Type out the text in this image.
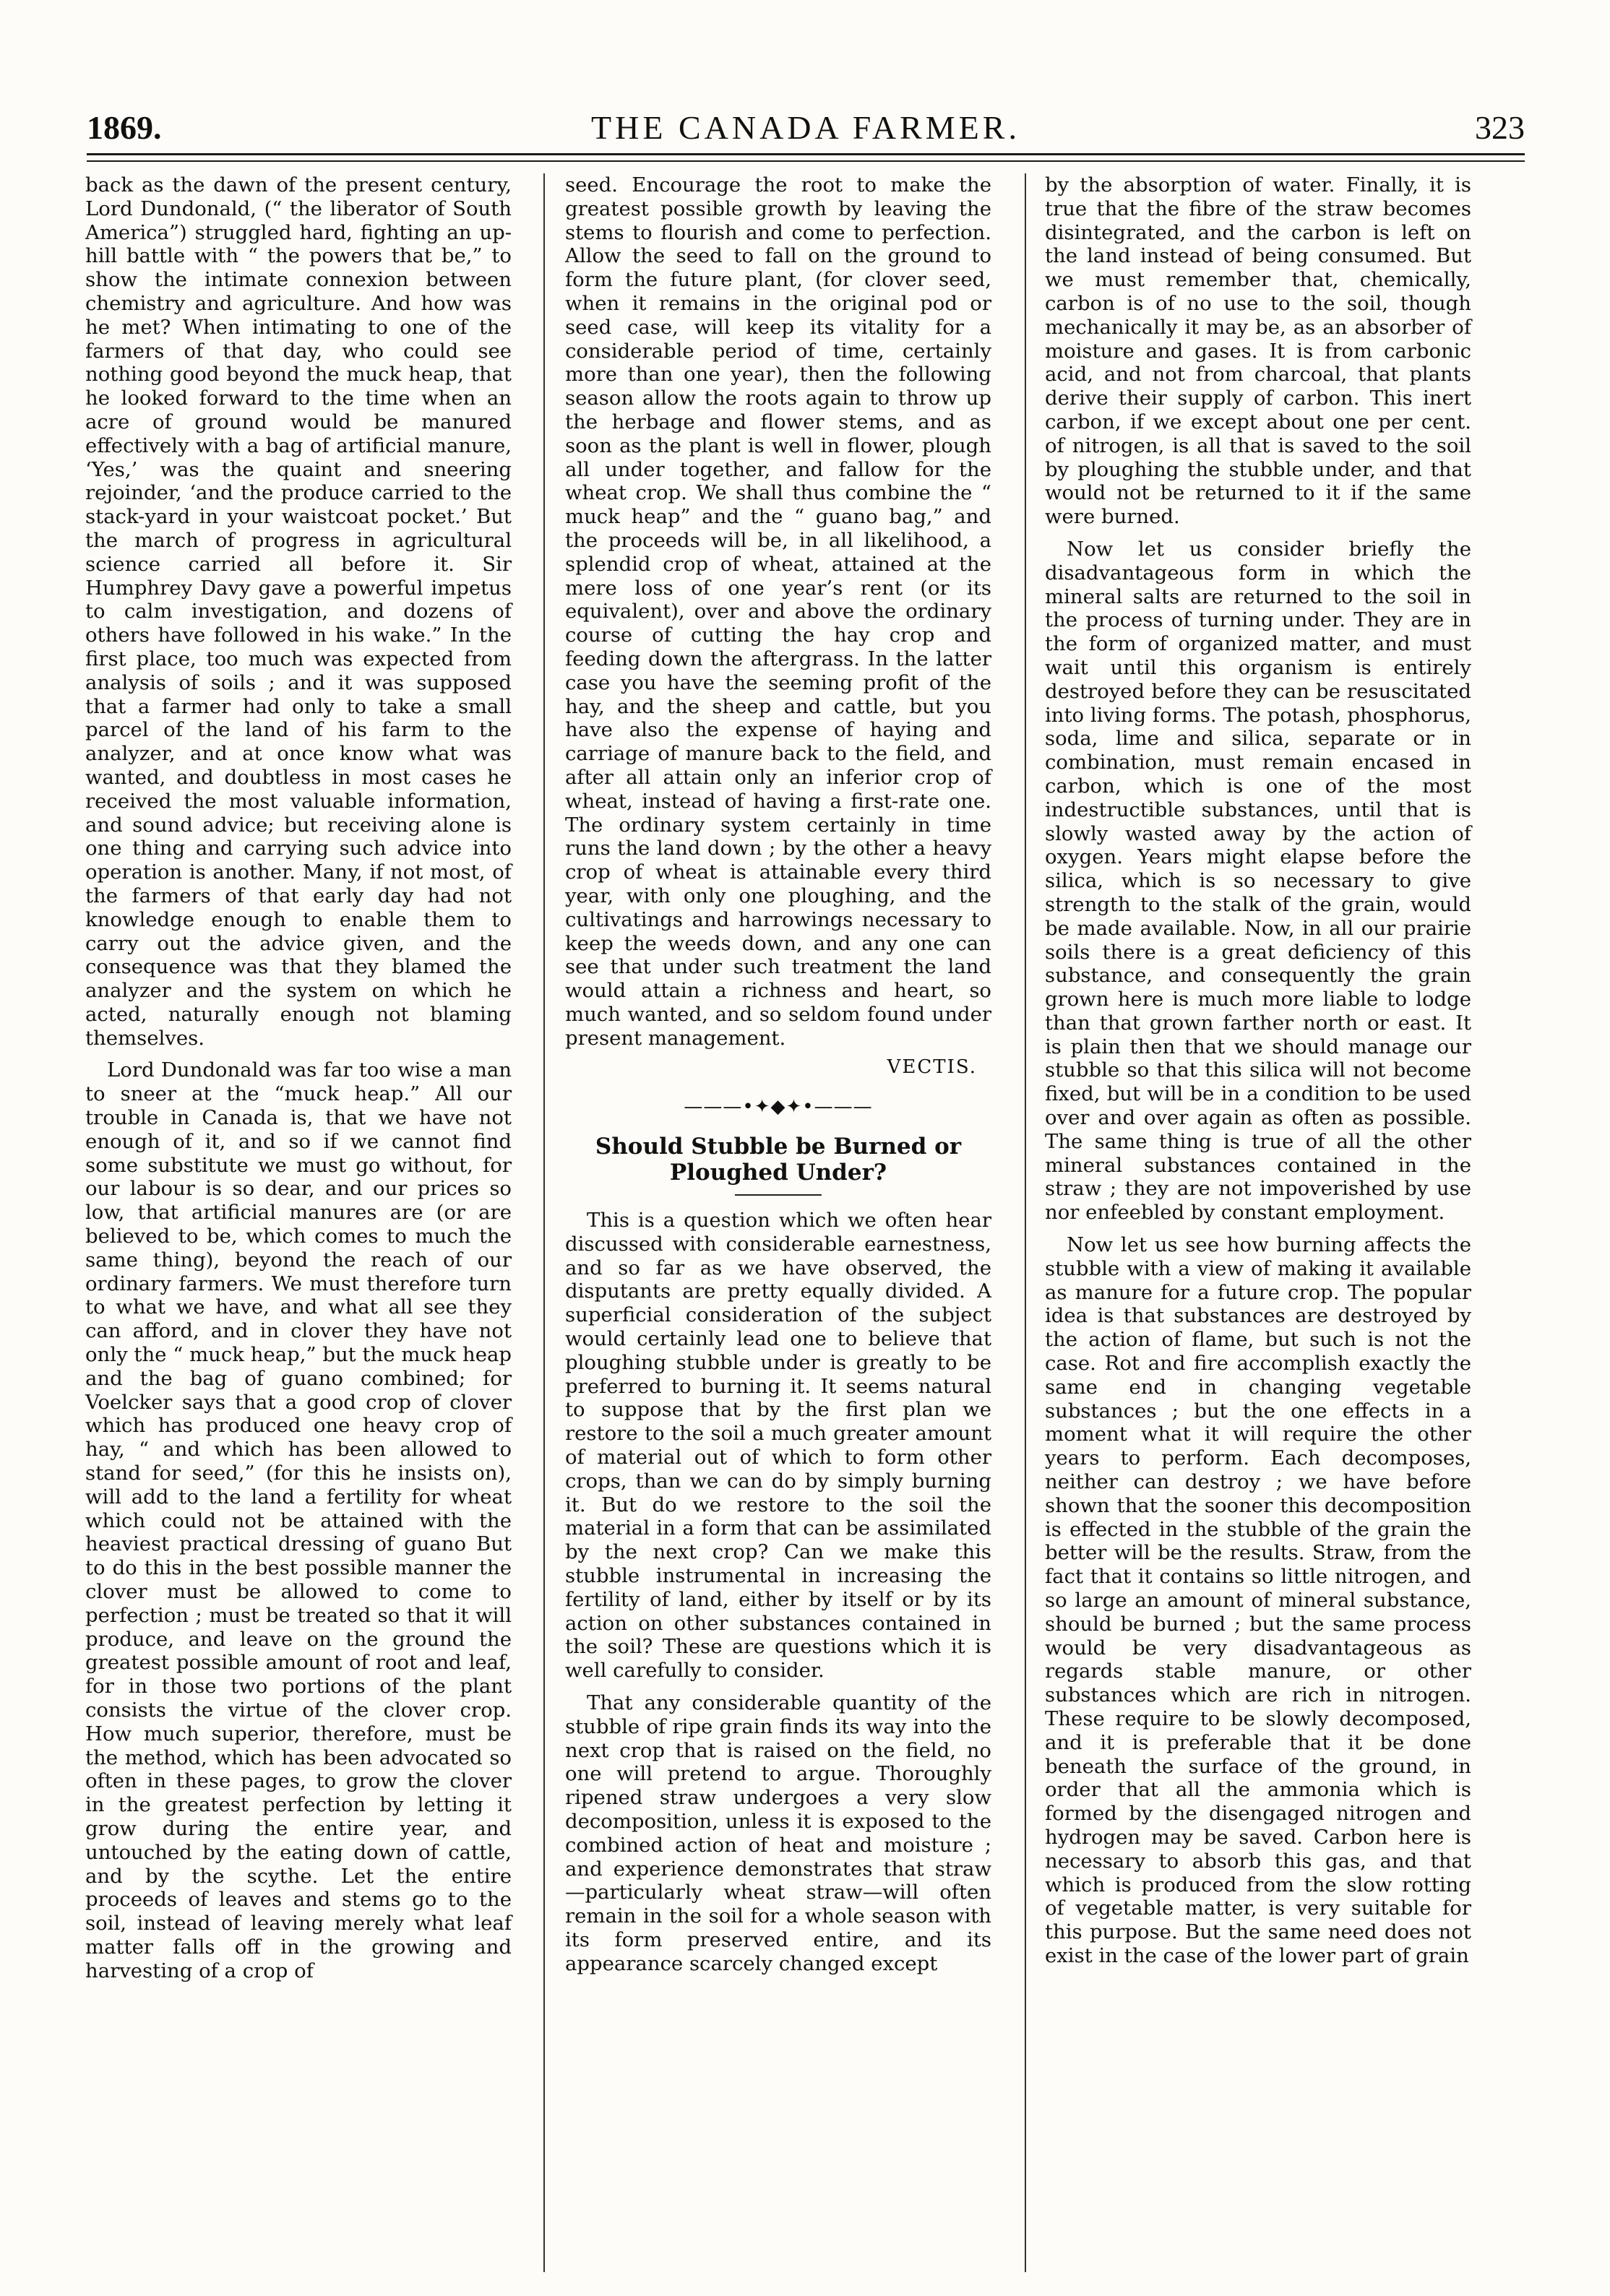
1869.	THE CANADA FARMER.	323

back as the dawn of the present century, Lord Dundonald, (“ the liberator of South America”) struggled hard, fighting an up-hill battle with “ the powers that be,” to show the intimate connexion between chemistry and agriculture. And how was he met? When intimating to one of the farmers of that day, who could see nothing good beyond the muck heap, that he looked forward to the time when an acre of ground would be manured effectively with a bag of artificial manure, ‘Yes,’ was the quaint and sneering rejoinder, ‘and the produce carried to the stack-yard in your waistcoat pocket.’ But the march of progress in agricultural science carried all before it. Sir Humphrey Davy gave a powerful impetus to calm investigation, and dozens of others have followed in his wake.” In the first place, too much was expected from analysis of soils ; and it was supposed that a farmer had only to take a small parcel of the land of his farm to the analyzer, and at once know what was wanted, and doubtless in most cases he received the most valuable information, and sound advice; but receiving alone is one thing and carrying such advice into operation is another. Many, if not most, of the farmers of that early day had not knowledge enough to enable them to carry out the advice given, and the consequence was that they blamed the analyzer and the system on which he acted, naturally enough not blaming themselves.

Lord Dundonald was far too wise a man to sneer at the “muck heap.” All our trouble in Canada is, that we have not enough of it, and so if we cannot find some substitute we must go without, for our labour is so dear, and our prices so low, that artificial manures are (or are believed to be, which comes to much the same thing), beyond the reach of our ordinary farmers. We must therefore turn to what we have, and what all see they can afford, and in clover they have not only the “ muck heap,” but the muck heap and the bag of guano combined; for Voelcker says that a good crop of clover which has produced one heavy crop of hay, “ and which has been allowed to stand for seed,” (for this he insists on), will add to the land a fertility for wheat which could not be attained with the heaviest practical dressing of guano But to do this in the best possible manner the clover must be allowed to come to perfection ; must be treated so that it will produce, and leave on the ground the greatest possible amount of root and leaf, for in those two portions of the plant consists the virtue of the clover crop. How much superior, therefore, must be the method, which has been advocated so often in these pages, to grow the clover in the greatest perfection by letting it grow during the entire year, and untouched by the eating down of cattle, and by the scythe. Let the entire proceeds of leaves and stems go to the soil, instead of leaving merely what leaf matter falls off in the growing and harvesting of a crop of

seed. Encourage the root to make the greatest possible growth by leaving the stems to flourish and come to perfection. Allow the seed to fall on the ground to form the future plant, (for clover seed, when it remains in the original pod or seed case, will keep its vitality for a considerable period of time, certainly more than one year), then the following season allow the roots again to throw up the herbage and flower stems, and as soon as the plant is well in flower, plough all under together, and fallow for the wheat crop. We shall thus combine the “ muck heap” and the “ guano bag,” and the proceeds will be, in all likelihood, a splendid crop of wheat, attained at the mere loss of one year’s rent (or its equivalent), over and above the ordinary course of cutting the hay crop and feeding down the aftergrass. In the latter case you have the seeming profit of the hay, and the sheep and cattle, but you have also the expense of haying and carriage of manure back to the field, and after all attain only an inferior crop of wheat, instead of having a first-rate one. The ordinary system certainly in time runs the land down ; by the other a heavy crop of wheat is attainable every third year, with only one ploughing, and the cultivatings and harrowings necessary to keep the weeds down, and any one can see that under such treatment the land would attain a richness and heart, so much wanted, and so seldom found under present management.

VECTIS.
———•✦◆✦•———
Should Stubble be Burned or Ploughed Under?

This is a question which we often hear discussed with considerable earnestness, and so far as we have observed, the disputants are pretty equally divided. A superficial consideration of the subject would certainly lead one to believe that ploughing stubble under is greatly to be preferred to burning it. It seems natural to suppose that by the first plan we restore to the soil a much greater amount of material out of which to form other crops, than we can do by simply burning it. But do we restore to the soil the material in a form that can be assimilated by the next crop? Can we make this stubble instrumental in increasing the fertility of land, either by itself or by its action on other substances contained in the soil? These are questions which it is well carefully to consider.

That any considerable quantity of the stubble of ripe grain finds its way into the next crop that is raised on the field, no one will pretend to argue. Thoroughly ripened straw undergoes a very slow decomposition, unless it is exposed to the combined action of heat and moisture ; and experience demonstrates that straw—particularly wheat straw—will often remain in the soil for a whole season with its form preserved entire, and its appearance scarcely changed except

by the absorption of water. Finally, it is true that the fibre of the straw becomes disintegrated, and the carbon is left on the land instead of being consumed. But we must remember that, chemically, carbon is of no use to the soil, though mechanically it may be, as an absorber of moisture and gases. It is from carbonic acid, and not from charcoal, that plants derive their supply of carbon. This inert carbon, if we except about one per cent. of nitrogen, is all that is saved to the soil by ploughing the stubble under, and that would not be returned to it if the same were burned.

Now let us consider briefly the disadvantageous form in which the mineral salts are returned to the soil in the process of turning under. They are in the form of organized matter, and must wait until this organism is entirely destroyed before they can be resuscitated into living forms. The potash, phosphorus, soda, lime and silica, separate or in combination, must remain encased in carbon, which is one of the most indestructible substances, until that is slowly wasted away by the action of oxygen. Years might elapse before the silica, which is so necessary to give strength to the stalk of the grain, would be made available. Now, in all our prairie soils there is a great deficiency of this substance, and consequently the grain grown here is much more liable to lodge than that grown farther north or east. It is plain then that we should manage our stubble so that this silica will not become fixed, but will be in a condition to be used over and over again as often as possible. The same thing is true of all the other mineral substances contained in the straw ; they are not impoverished by use nor enfeebled by constant employment.

Now let us see how burning affects the stubble with a view of making it available as manure for a future crop. The popular idea is that substances are destroyed by the action of flame, but such is not the case. Rot and fire accomplish exactly the same end in changing vegetable substances ; but the one effects in a moment what it will require the other years to perform. Each decomposes, neither can destroy ; we have before shown that the sooner this decomposition is effected in the stubble of the grain the better will be the results. Straw, from the fact that it contains so little nitrogen, and so large an amount of mineral substance, should be burned ; but the same process would be very disadvantageous as regards stable manure, or other substances which are rich in nitrogen. These require to be slowly decomposed, and it is preferable that it be done beneath the surface of the ground, in order that all the ammonia which is formed by the disengaged nitrogen and hydrogen may be saved. Carbon here is necessary to absorb this gas, and that which is produced from the slow rotting of vegetable matter, is very suitable for this purpose. But the same need does not exist in the case of the lower part of grain
